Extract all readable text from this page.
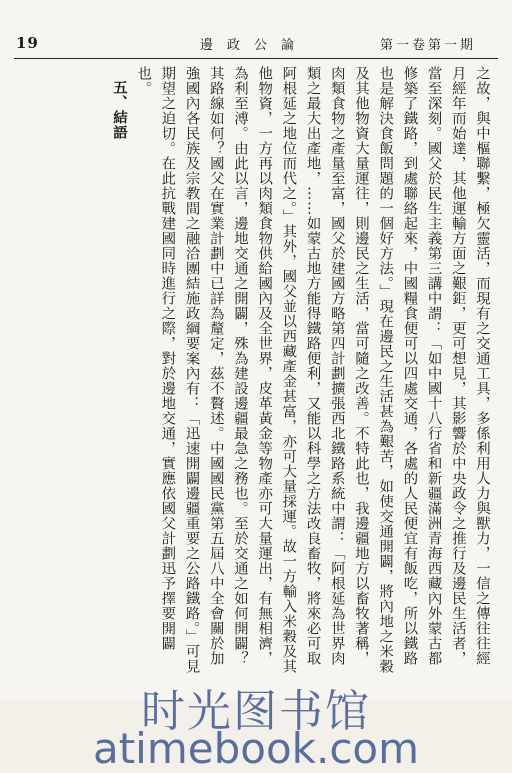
19	邊政公論	第一卷第一期
之故，與中樞聯繫，極欠靈活，而現有之交通工具，多係利用人力與獸力，一信之傳往往經月經年而始達，其他運輸方面之艱鉅，更可想見，其影響於中央政令之推行及邊民生活者，當至深刻。國父於民生主義第三講中謂：「如中國十八行省和新疆滿洲青海西藏內外蒙古都修築了鐵路，到處聯絡起來，中國糧食便可以四處交通，各處的人民便宜有飯吃，所以鐵路也是解決食飯問題的一個好方法。」現在邊民之生活甚為艱苦，如使交通開闢，將內地之米穀及其他物資大量運往，則邊民之生活，當可隨之改善。不特此也，我邊疆地方以畜牧著稱，肉類食物之產量至富，國父於建國方略第四計劃擴張西北鐵路系統中謂：「阿根延為世界肉類之最大出產地，……如蒙古地方能得鐵路便利，又能以科學之方法改良畜牧，將來必可取阿根延之地位而代之。」其外，國父並以西藏產金甚富，亦可大量採運。故一方輸入米穀及其他物資，一方再以肉類食物供給國內及全世界，皮革黃金等物產亦可大量運出，有無相濟，為利至溥。由此以言，邊地交通之開闢，殊為建設邊疆最急之務也。至於交通之如何開闢？其路線如何？國父在實業計劃中已詳為釐定，茲不贅述。中國國民黨第五屆八中全會關於加強國內各民族及宗教間之融洽團結施政綱要案內有：「迅速開闢邊疆重要之公路鐵路。」可見期望之迫切。在此抗戰建國同時進行之際，對於邊地交通，實應依國父計劃迅予擇要開闢也。
五、結語
时光图书馆
atimebook.com
